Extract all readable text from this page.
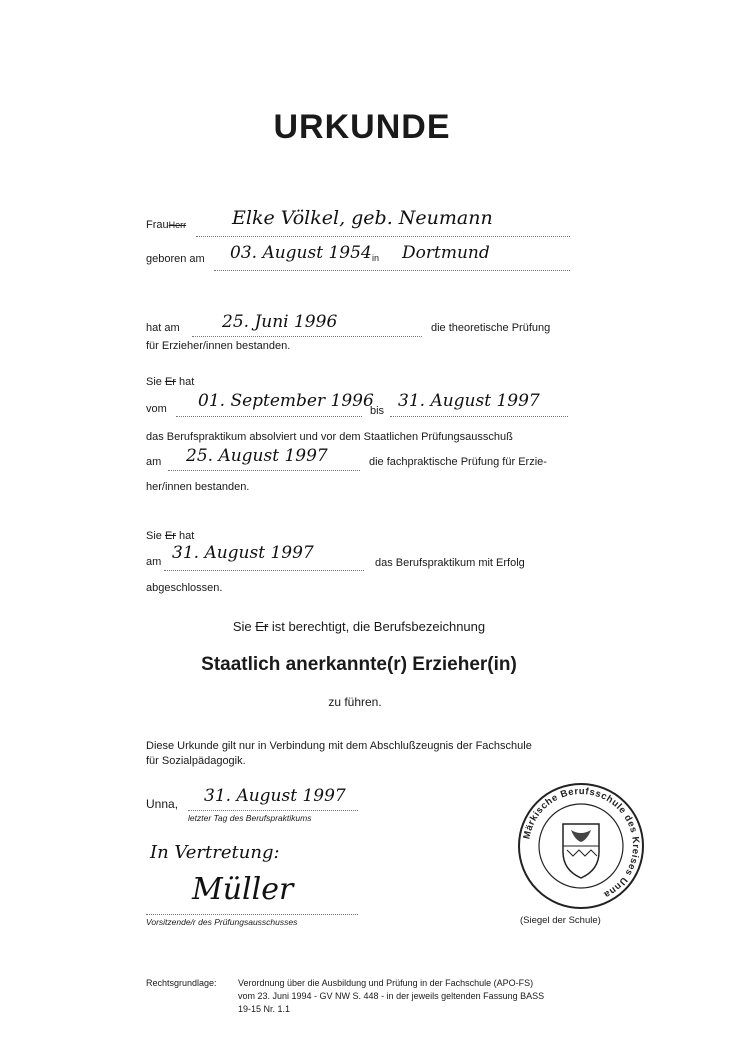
URKUNDE
FrauHerr Elke Völkel, geb. Neumann
geboren am 03. August 1954 in Dortmund
hat am 25. Juni 1996	die theoretische Prüfung
für Erzieher/innen bestanden.
Sie Er hat
vom 01. September 1996
bis 31. August 1997
das Berufspraktikum absolviert und vor dem Staatlichen Prüfungsausschuß
am 25. August 1997	die fachpraktische Prüfung für Erzie-
her/innen bestanden.
Sie Er hat
am 31. August 1997	das Berufspraktikum mit Erfolg
abgeschlossen.
Sie Er ist berechtigt, die Berufsbezeichnung
Staatlich anerkannte(r) Erzieher(in)
zu führen.
Diese Urkunde gilt nur in Verbindung mit dem Abschlußzeugnis der Fachschule
für Sozialpädagogik.
Unna, 31. August 1997
letzter Tag des Berufspraktikums
In Vertretung:
Müller
Vorsitzende/r des Prüfungsausschusses
Märkische Berufsschule des Kreises Unna
(Siegel der Schule)
Rechtsgrundlage: Verordnung über die Ausbildung und Prüfung in der Fachschule (APO-FS)
vom 23. Juni 1994 - GV NW S. 448 - in der jeweils geltenden Fassung BASS
19-15 Nr. 1.1
